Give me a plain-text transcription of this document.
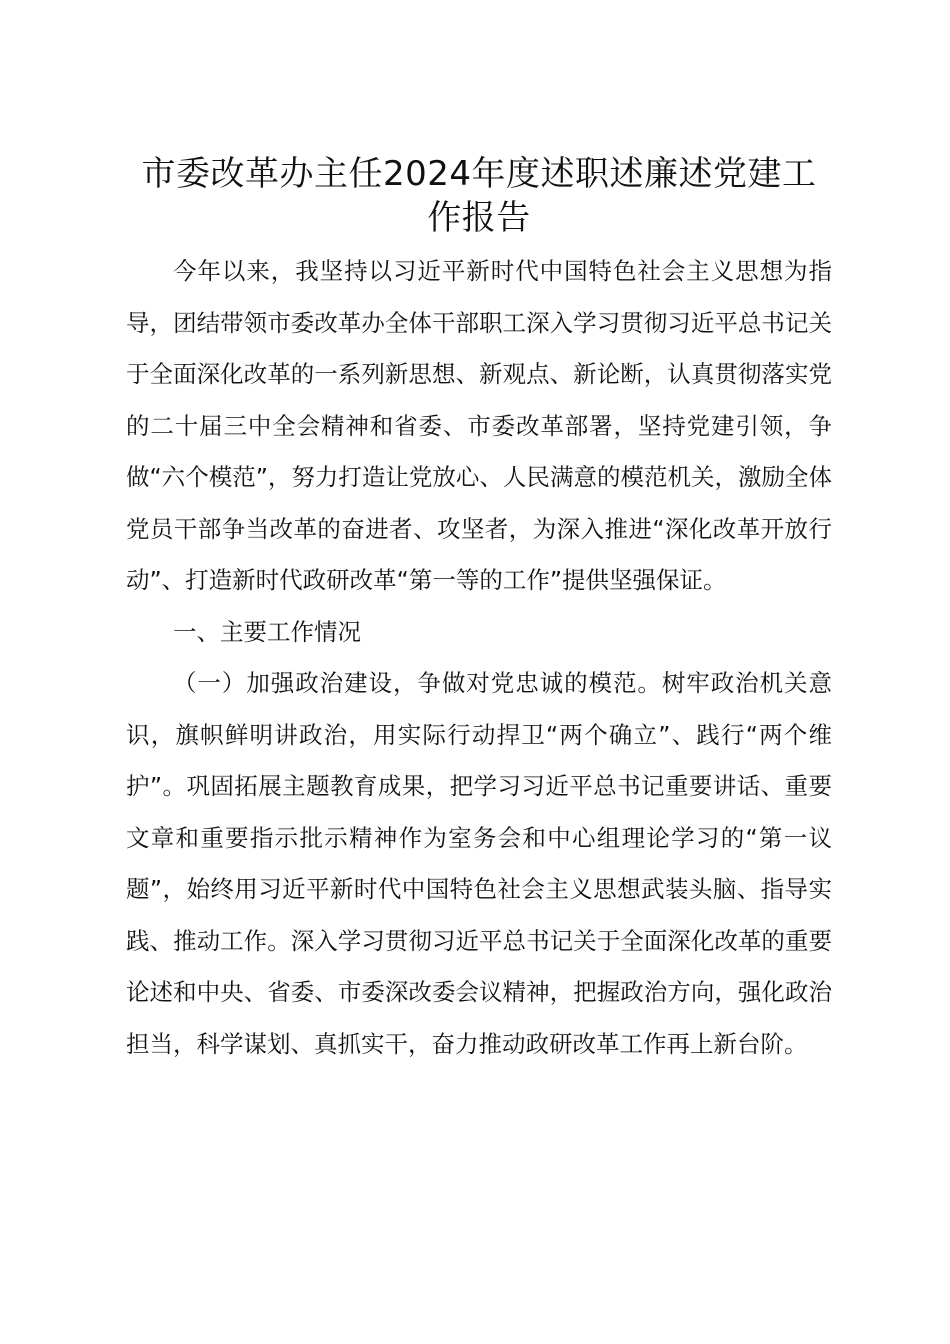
市委改革办主任2024年度述职述廉述党建工
作报告

今年以来，我坚持以习近平新时代中国特色社会主义思想为指导，团结带领市委改革办全体干部职工深入学习贯彻习近平总书记关于全面深化改革的一系列新思想、新观点、新论断，认真贯彻落实党的二十届三中全会精神和省委、市委改革部署，坚持党建引领，争做“六个模范”，努力打造让党放心、人民满意的模范机关，激励全体党员干部争当改革的奋进者、攻坚者，为深入推进“深化改革开放行动”、打造新时代政研改革“第一等的工作”提供坚强保证。

一、主要工作情况

（一）加强政治建设，争做对党忠诚的模范。树牢政治机关意识，旗帜鲜明讲政治，用实际行动捍卫“两个确立”、践行“两个维护”。巩固拓展主题教育成果，把学习习近平总书记重要讲话、重要文章和重要指示批示精神作为室务会和中心组理论学习的“第一议题”，始终用习近平新时代中国特色社会主义思想武装头脑、指导实践、推动工作。深入学习贯彻习近平总书记关于全面深化改革的重要论述和中央、省委、市委深改委会议精神，把握政治方向，强化政治担当，科学谋划、真抓实干，奋力推动政研改革工作再上新台阶。
